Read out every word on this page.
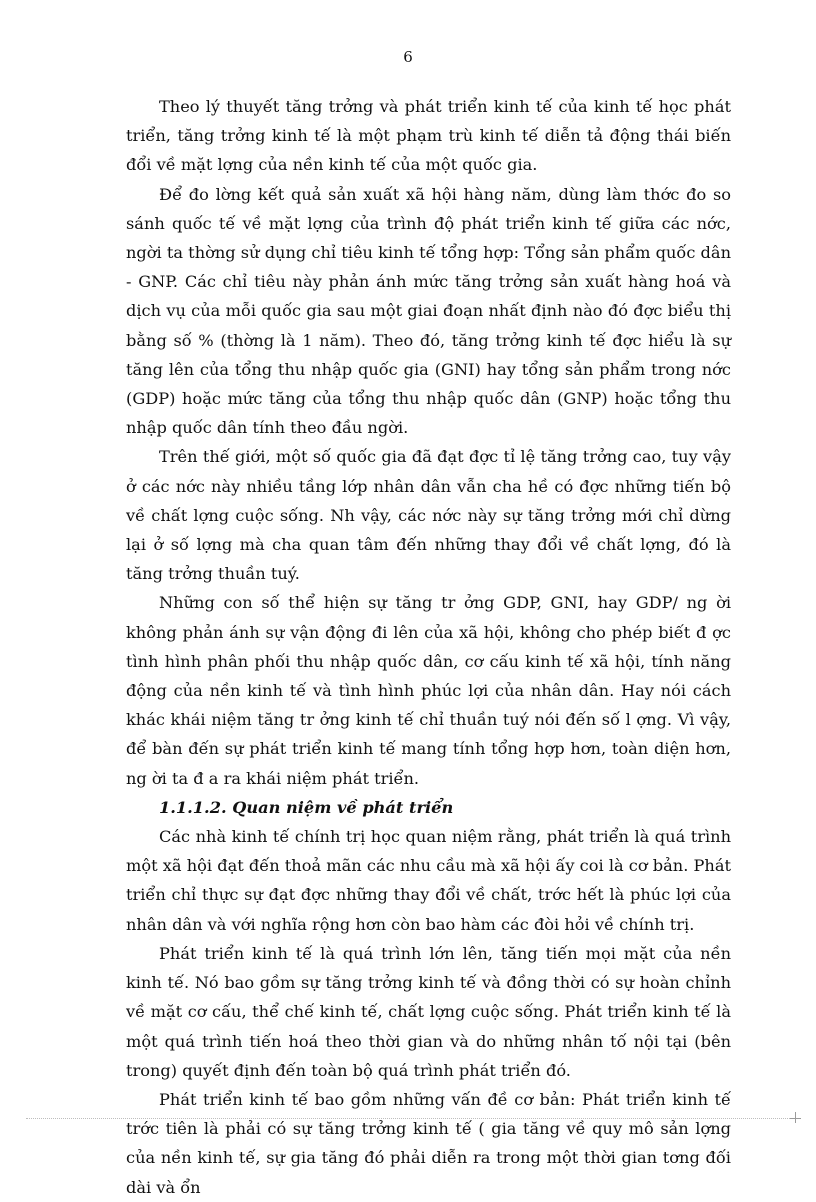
6

Theo lý thuyết tăng trởng và phát triển kinh tế của kinh tế học phát triển, tăng trởng kinh tế là một phạm trù kinh tế diễn tả động thái biến đổi về mặt lợng của nền kinh tế của một quốc gia.

Để đo lờng kết quả sản xuất xã hội hàng năm, dùng làm thớc đo so sánh quốc tế về mặt lợng của trình độ phát triển kinh tế giữa các nớc, ngời ta thờng sử dụng chỉ tiêu kinh tế tổng hợp: Tổng sản phẩm quốc dân - GNP. Các chỉ tiêu này phản ánh mức tăng trởng sản xuất hàng hoá và dịch vụ của mỗi quốc gia sau một giai đoạn nhất định nào đó đợc biểu thị bằng số % (thờng là 1 năm). Theo đó, tăng trởng kinh tế đợc hiểu là sự tăng lên của tổng thu nhập quốc gia (GNI) hay tổng sản phẩm trong nớc (GDP) hoặc mức tăng của tổng thu nhập quốc dân (GNP) hoặc tổng thu nhập quốc dân tính theo đầu ngời.

Trên thế giới, một số quốc gia đã đạt đợc tỉ lệ tăng trởng cao, tuy vậy ở các nớc này nhiều tầng lớp nhân dân vẫn cha hề có đợc những tiến bộ về chất lợng cuộc sống. Nh vậy, các nớc này sự tăng trởng mới chỉ dừng lại ở số lợng mà cha quan tâm đến những thay đổi về chất lợng, đó là tăng trởng thuần tuý.

Những con số thể hiện sự tăng tr ởng GDP, GNI, hay GDP/ ng ời không phản ánh sự vận động đi lên của xã hội, không cho phép biết đ ợc tình hình phân phối thu nhập quốc dân, cơ cấu kinh tế xã hội, tính năng động của nền kinh tế và tình hình phúc lợi của nhân dân. Hay nói cách khác khái niệm tăng tr ởng kinh tế chỉ thuần tuý nói đến số l ợng. Vì vậy, để bàn đến sự phát triển kinh tế mang tính tổng hợp hơn, toàn diện hơn, ng ời ta đ a ra khái niệm phát triển.

1.1.1.2. Quan niệm về phát triển

Các nhà kinh tế chính trị học quan niệm rằng, phát triển là quá trình một xã hội đạt đến thoả mãn các nhu cầu mà xã hội ấy coi là cơ bản. Phát triển chỉ thực sự đạt đợc những thay đổi về chất, trớc hết là phúc lợi của nhân dân và với nghĩa rộng hơn còn bao hàm các đòi hỏi về chính trị.

Phát triển kinh tế là quá trình lớn lên, tăng tiến mọi mặt của nền kinh tế. Nó bao gồm sự tăng trởng kinh tế và đồng thời có sự hoàn chỉnh về mặt cơ cấu, thể chế kinh tế, chất lợng cuộc sống. Phát triển kinh tế là một quá trình tiến hoá theo thời gian và do những nhân tố nội tại (bên trong) quyết định đến toàn bộ quá trình phát triển đó.

Phát triển kinh tế bao gồm những vấn đề cơ bản: Phát triển kinh tế trớc tiên là phải có sự tăng trởng kinh tế ( gia tăng về quy mô sản lợng của nền kinh tế, sự gia tăng đó phải diễn ra trong một thời gian tơng đối dài và ổn
